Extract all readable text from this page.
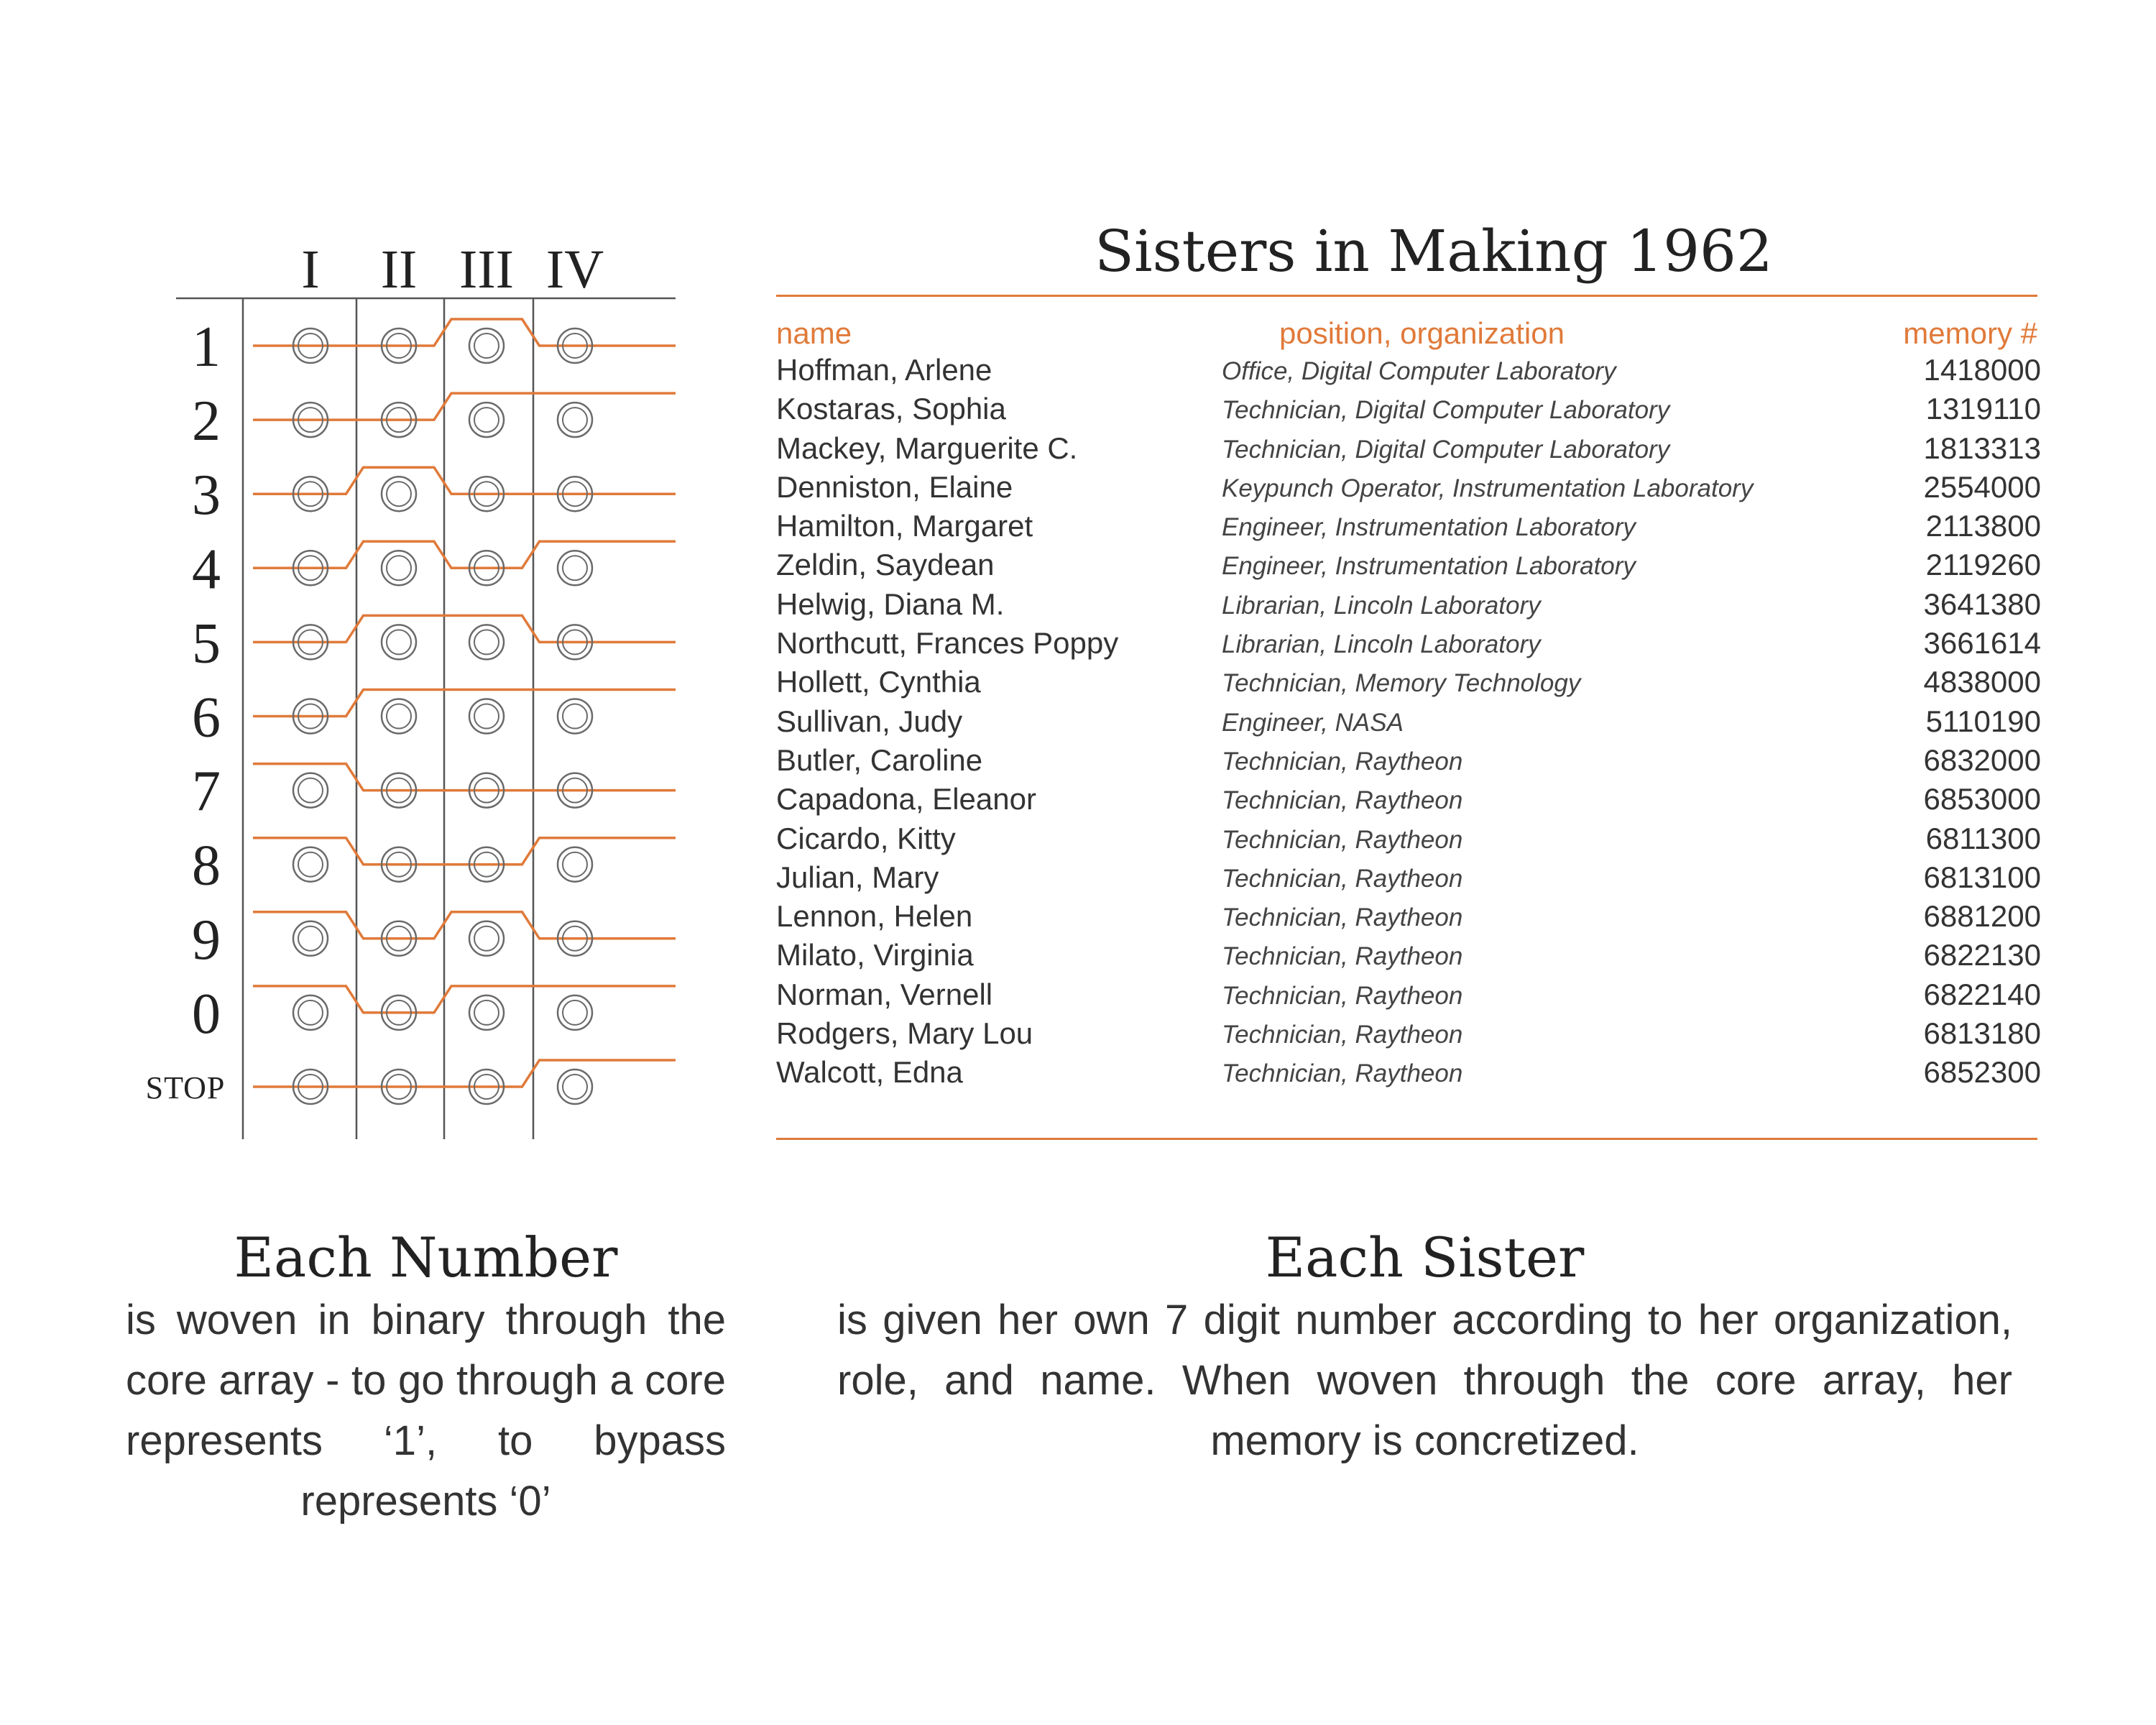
I II III IV
1
2
3
4
5
6
7
8
9
0
STOP
Sisters in Making 1962
name	position, organization	memory #
Hoffman, Arlene	Office, Digital Computer Laboratory	1418000
Kostaras, Sophia	Technician, Digital Computer Laboratory	1319110
Mackey, Marguerite C.	Technician, Digital Computer Laboratory	1813313
Denniston, Elaine	Keypunch Operator, Instrumentation Laboratory	2554000
Hamilton, Margaret	Engineer, Instrumentation Laboratory	2113800
Zeldin, Saydean	Engineer, Instrumentation Laboratory	2119260
Helwig, Diana M.	Librarian, Lincoln Laboratory	3641380
Northcutt, Frances Poppy	Librarian, Lincoln Laboratory	3661614
Hollett, Cynthia	Technician, Memory Technology	4838000
Sullivan, Judy	Engineer, NASA	5110190
Butler, Caroline	Technician, Raytheon	6832000
Capadona, Eleanor	Technician, Raytheon	6853000
Cicardo, Kitty	Technician, Raytheon	6811300
Julian, Mary	Technician, Raytheon	6813100
Lennon, Helen	Technician, Raytheon	6881200
Milato, Virginia	Technician, Raytheon	6822130
Norman, Vernell	Technician, Raytheon	6822140
Rodgers, Mary Lou	Technician, Raytheon	6813180
Walcott, Edna	Technician, Raytheon	6852300
Each Number
is woven in binary through the core array - to go through a core represents ‘1’, to bypass represents ‘0’
Each Sister
is given her own 7 digit number according to her organization, role, and name. When woven through the core array, her memory is concretized.
